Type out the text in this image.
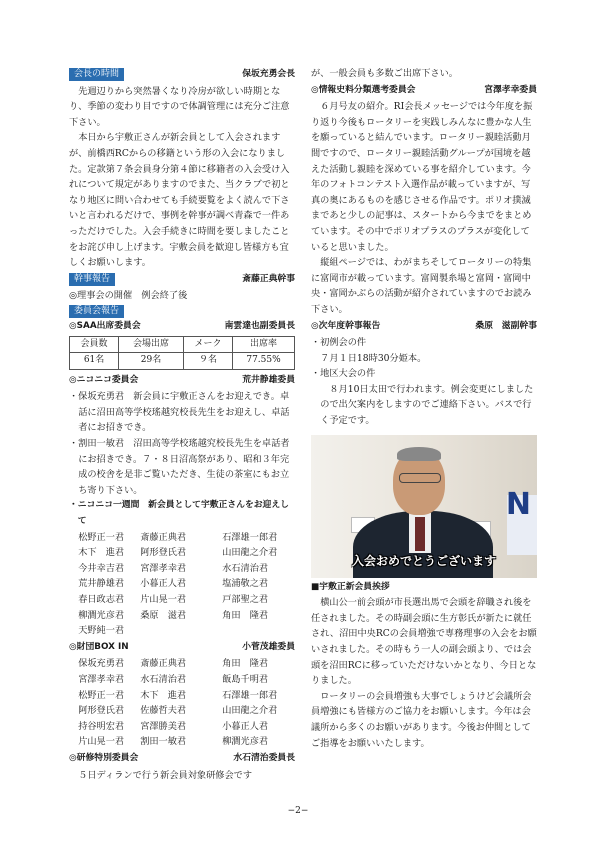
会長の時間	保坂充勇会長

先週辺りから突然暑くなり冷房が欲しい時期となり、季節の変わり目ですので体調管理には充分ご注意下さい。

本日から宇敷正さんが新会員として入会されますが、前橋西RCからの移籍という形の入会になりました。定款第７条会員身分第４節に移籍者の入会受け入れについて規定がありますのでまた、当クラブで初となり地区に問い合わせても手続要覧をよく読んで下さいと言われるだけで、事例を幹事が調べ青森で一件あっただけでした。入会手続きに時間を要しましたことをお詫び申し上げます。宇敷会員を歓迎し皆様方も宜しくお願いします。

幹事報告	斎藤正典幹事

◎理事会の開催　例会終了後

委員会報告
◎SAA出席委員会	南雲達也副委員長
会員数	会場出席	メーク	出席率
61名	29名	９名	77.55%
◎ニコニコ委員会	荒井静雄委員
・保坂充勇君　新会員に宇敷正さんをお迎えでき。卓話に沼田高等学校瑤越究校長先生をお迎えし、卓話者にお招きでき。
・割田一敏君　沼田高等学校瑤越究校長先生を卓話者にお招きでき。７・８日沼高祭があり、昭和３年完成の校舎を是非ご覧いただき、生徒の茶室にもお立ち寄り下さい。
・ニコニコ一週間　新会員として宇敷正さんをお迎えして
松野正一君	斎藤正典君	石澤雄一郎君
木下　進君	阿形登氏君	山田龍之介君
今井幸吉君	宮澤孝幸君	水石清治君
荒井静雄君	小暮正人君	塩浦敬之君
春日政志君	片山晃一君	戸部聖之君
柳澗光彦君	桑原　滋君	角田　隆君
天野純一君
◎財団BOX IN	小菅茂雄委員
保坂充勇君	斎藤正典君	角田　隆君
宮澤孝幸君	水石清治君	飯島千明君
松野正一君	木下　進君	石澤雄一郎君
阿形登氏君	佐藤哲夫君	山田龍之介君
持谷明宏君	宮澤勝美君	小暮正人君
片山晃一君	割田一敏君	柳澗光彦君
◎研修特別委員会	水石清治委員長

５日ディランで行う新会員対象研修会です

が、一般会員も多数ご出席下さい。

◎情報史料分類選考委員会	宮澤孝幸委員

６月号友の紹介。RI会長メッセージでは今年度を振り返り今後もロータリーを実践しみんなに豊かな人生を願っていると結んでいます。ロータリー親睦活動月間ですので、ロータリー親睦活動グループが国境を越えた活動し親睦を深めている事を紹介しています。今年のフォトコンテスト入選作品が載っていますが、写真の奥にあるものを感じさせる作品です。ポリオ撲滅まであと少しの記事は、スタートから今までをまとめています。その中でポリオプラスのプラスが変化していると思いました。

縦組ページでは、わがまちそしてロータリーの特集に富岡市が載っています。富岡製糸場と富岡・富岡中央・富岡かぶらの活動が紹介されていますのでお読み下さい。

◎次年度幹事報告	桑原　滋副幹事

・初例会の件

　７月１日18時30分姫本。

・地区大会の件

　８月10日太田で行われます。例会変更にしましたので出欠案内をしますのでご連絡下さい。バスで行く予定です。

N
入会おめでとうございます

■宇敷正新会員挨拶

横山公一前会頭が市長選出馬で会頭を辞職され後を任されました。その時副会頭に生方彰氏が新たに就任され、沼田中央RCの会員増強で専務理事の入会をお願いされました。その時もう一人の副会頭より、では会頭を沼田RCに移っていただけないかとなり、今日となりました。

ロータリーの会員増強も大事でしょうけど会議所会員増強にも皆様方のご協力をお願いします。今年は会議所から多くのお願いがあります。今後お仲間としてご指導をお願いいたします。

−2−
